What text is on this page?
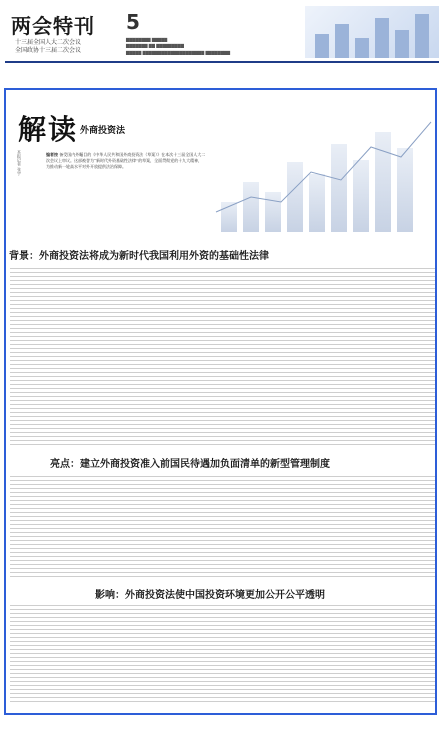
两会特刊
十三届全国人大二次会议
全国政协十三届二次会议
5
▇▇▇▇▇▇▇▇ ▇▇▇▇▇
▇▇▇▇▇▇▇ ▇▇ ▇▇▇▇▇▇▇▇▇
▇▇▇▇▇ ▇▇▇▇▇▇▇▇▇▇▇▇▇▇▇▇▇▇▇▇ ▇▇▇▇▇▇▇▇
解读 外商投资法
本报记者 张宇	编者按 备受国内外瞩目的《中华人民共和国外商投资法（草案）》在本次十三届全国人大二次会议上审议。这部被誉为“新时代外资基础性法律”的草案，全面贯彻党的十九大精神，为推动新一轮高水平对外开放提供法治保障。
背景：外商投资法将成为新时代我国利用外资的基础性法律
亮点：建立外商投资准入前国民待遇加负面清单的新型管理制度
影响：外商投资法使中国投资环境更加公开公平透明
